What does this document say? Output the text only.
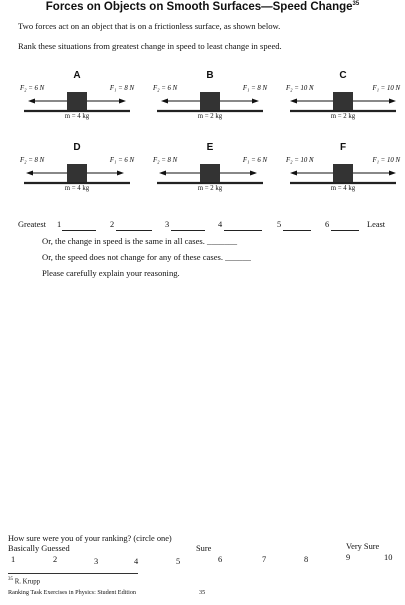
Forces on Objects on Smooth Surfaces—Speed Change$^{35}$
Two forces act on an object that is on a frictionless surface, as shown below.
Rank these situations from greatest change in speed to least change in speed.
A
F₂ = 6 N	F₁ = 8 N
m = 4 kg
B
F₂ = 6 N	F₁ = 8 N
m = 2 kg
C
F₂ = 10 N	F₁ = 10 N
m = 2 kg
D
F₂ = 8 N	F₁ = 6 N
m = 4 kg
E
F₂ = 8 N	F₁ = 6 N
m = 2 kg
F
F₂ = 10 N	F₁ = 10 N
m = 4 kg
Greatest 1	2	3	4	5	6	Least
Or, the change in speed is the same in all cases. _______
Or, the speed does not change for any of these cases. ______
Please carefully explain your reasoning.
How sure were you of your ranking? (circle one)
Basically Guessed	Sure	Very Sure
1	2	3	4	5	6	7	8	9	10
$^{35}$ R. Krupp
Ranking Task Exercises in Physics: Student Edition	35
